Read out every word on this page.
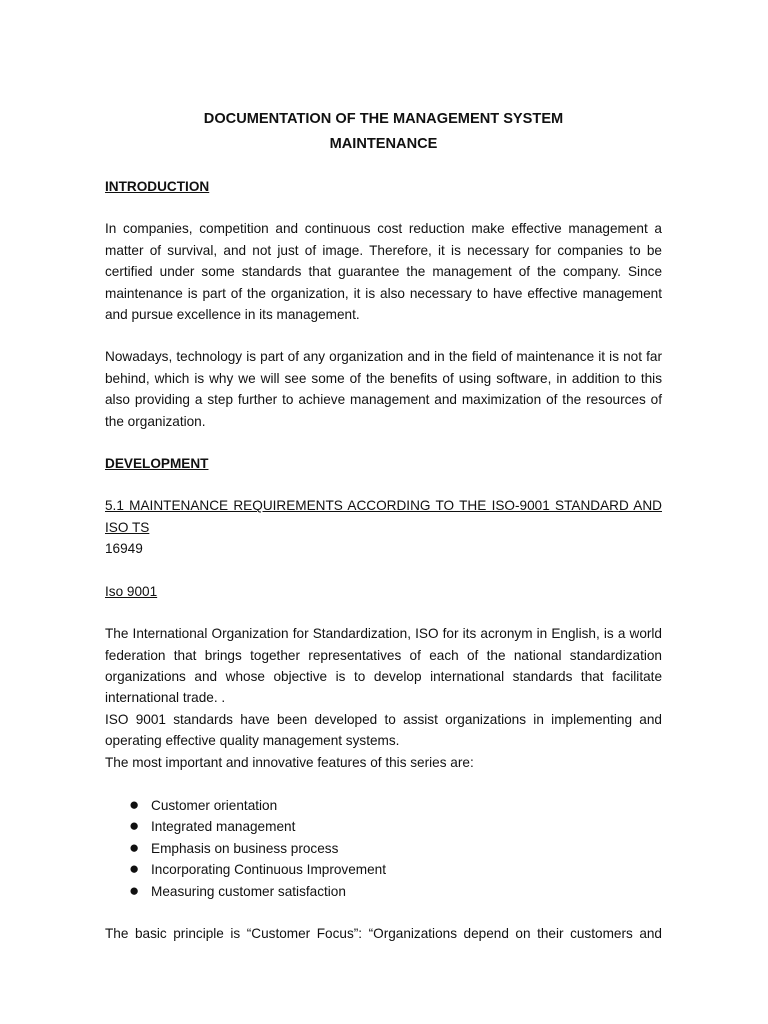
DOCUMENTATION OF THE MANAGEMENT SYSTEM
MAINTENANCE

INTRODUCTION

In companies, competition and continuous cost reduction make effective management a matter of survival, and not just of image. Therefore, it is necessary for companies to be certified under some standards that guarantee the management of the company. Since maintenance is part of the organization, it is also necessary to have effective management and pursue excellence in its management.

Nowadays, technology is part of any organization and in the field of maintenance it is not far behind, which is why we will see some of the benefits of using software, in addition to this also providing a step further to achieve management and maximization of the resources of the organization.

DEVELOPMENT

5.1 MAINTENANCE REQUIREMENTS ACCORDING TO THE ISO-9001 STANDARD AND ISO TS
16949

Iso 9001

The International Organization for Standardization, ISO for its acronym in English, is a world federation that brings together representatives of each of the national standardization organizations and whose objective is to develop international standards that facilitate international trade. .

ISO 9001 standards have been developed to assist organizations in implementing and operating effective quality management systems.

The most important and innovative features of this series are:

● Customer orientation
● Integrated management
● Emphasis on business process
● Incorporating Continuous Improvement
● Measuring customer satisfaction

The basic principle is “Customer Focus”: “Organizations depend on their customers and
